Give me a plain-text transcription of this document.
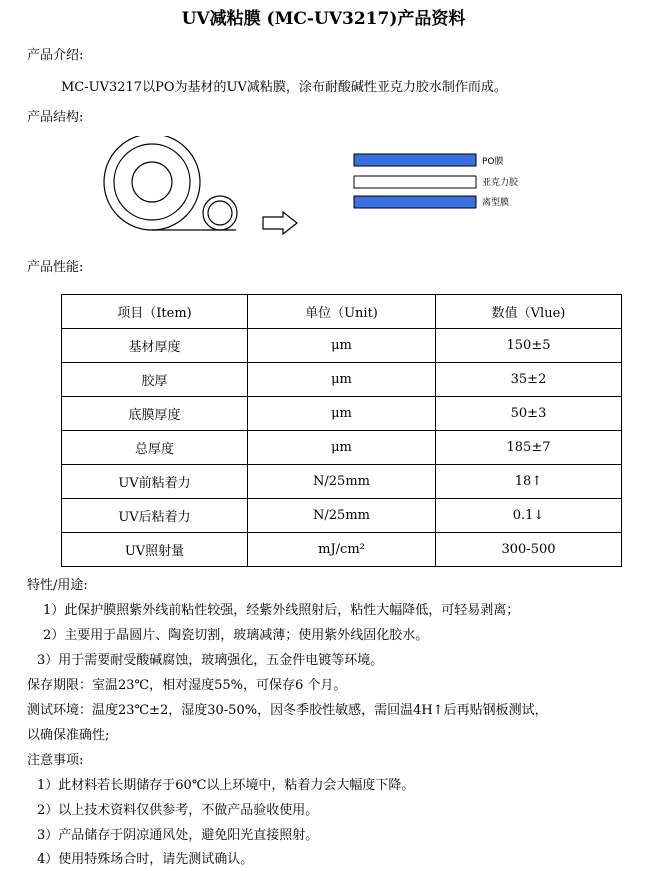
UV减粘膜 (MC-UV3217)产品资料
产品介绍:
MC-UV3217以PO为基材的UV减粘膜，涂布耐酸碱性亚克力胶水制作而成。
产品结构:
PO膜
亚克力胶
离型膜
产品性能:
项目（Item)	单位（Unit)	数值（Vlue)
基材厚度	μm	150±5
胶厚	μm	35±2
底膜厚度	μm	50±3
总厚度	μm	185±7
UV前粘着力	N/25mm	18↑
UV后粘着力	N/25mm	0.1↓
UV照射量	mJ/cm²	300-500
特性/用途:
1）此保护膜照紫外线前粘性较强，经紫外线照射后，粘性大幅降低，可轻易剥离；
2）主要用于晶圆片、陶瓷切割，玻璃减薄；使用紫外线固化胶水。
3）用于需要耐受酸碱腐蚀，玻璃强化，五金件电镀等环境。
保存期限：室温23℃，相对湿度55%，可保存6 个月。
测试环境：温度23℃±2，湿度30-50%，因冬季胶性敏感，需回温4H↑后再贴钢板测试，
以确保准确性;
注意事项:
1）此材料若长期储存于60℃以上环境中，粘着力会大幅度下降。
2）以上技术资料仅供参考，不做产品验收使用。
3）产品储存于阴凉通风处，避免阳光直接照射。
4）使用特殊场合时，请先测试确认。
